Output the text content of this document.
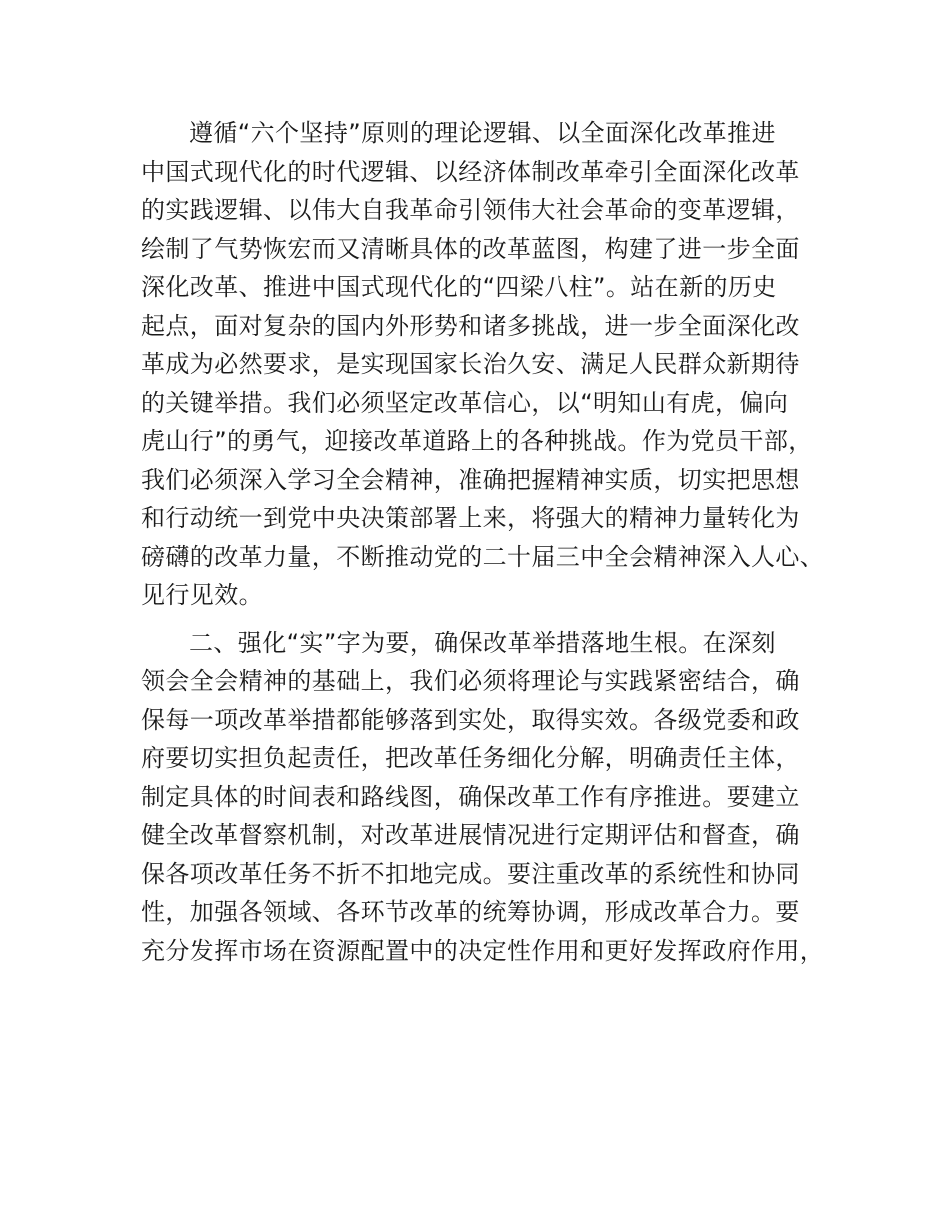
遵循“六个坚持”原则的理论逻辑、以全面深化改革推进
中国式现代化的时代逻辑、以经济体制改革牵引全面深化改革
的实践逻辑、以伟大自我革命引领伟大社会革命的变革逻辑，
绘制了气势恢宏而又清晰具体的改革蓝图，构建了进一步全面
深化改革、推进中国式现代化的“四梁八柱”。站在新的历史
起点，面对复杂的国内外形势和诸多挑战，进一步全面深化改
革成为必然要求，是实现国家长治久安、满足人民群众新期待
的关键举措。我们必须坚定改革信心，以“明知山有虎，偏向
虎山行”的勇气，迎接改革道路上的各种挑战。作为党员干部，
我们必须深入学习全会精神，准确把握精神实质，切实把思想
和行动统一到党中央决策部署上来，将强大的精神力量转化为
磅礴的改革力量，不断推动党的二十届三中全会精神深入人心、
见行见效。
二、强化“实”字为要，确保改革举措落地生根。在深刻
领会全会精神的基础上，我们必须将理论与实践紧密结合，确
保每一项改革举措都能够落到实处，取得实效。各级党委和政
府要切实担负起责任，把改革任务细化分解，明确责任主体，
制定具体的时间表和路线图，确保改革工作有序推进。要建立
健全改革督察机制，对改革进展情况进行定期评估和督查，确
保各项改革任务不折不扣地完成。要注重改革的系统性和协同
性，加强各领域、各环节改革的统筹协调，形成改革合力。要
充分发挥市场在资源配置中的决定性作用和更好发挥政府作用，
